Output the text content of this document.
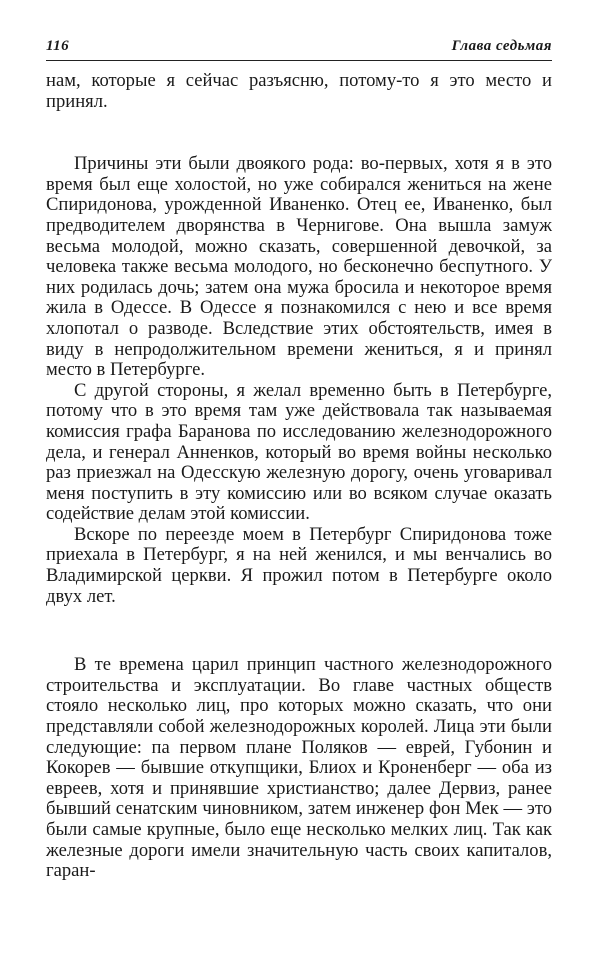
116	Глава седьмая

нам, которые я сейчас разъясню, потому-то я это место и принял.

Причины эти были двоякого рода: во-первых, хотя я в это время был еще холостой, но уже собирался жениться на жене Спиридонова, урожденной Иваненко. Отец ее, Иваненко, был предводителем дворянства в Чернигове. Она вышла замуж весьма молодой, можно сказать, совершенной девочкой, за человека также весьма молодого, но бесконечно беспутного. У них родилась дочь; затем она мужа бросила и некоторое время жила в Одессе. В Одессе я познакомился с нею и все время хлопотал о разводе. Вследствие этих обстоятельств, имея в виду в непродолжительном времени жениться, я и принял место в Петербурге.

С другой стороны, я желал временно быть в Петербурге, потому что в это время там уже действовала так называемая комиссия графа Баранова по исследованию железнодорожного дела, и генерал Анненков, который во время войны несколько раз приезжал на Одесскую железную дорогу, очень уговаривал меня поступить в эту комиссию или во всяком случае оказать содействие делам этой комиссии.

Вскоре по переезде моем в Петербург Спиридонова тоже приехала в Петербург, я на ней женился, и мы венчались во Владимирской церкви. Я прожил потом в Петербурге около двух лет.

В те времена царил принцип частного железнодорожного строительства и эксплуатации. Во главе частных обществ стояло несколько лиц, про которых можно сказать, что они представляли собой железнодорожных королей. Лица эти были следующие: па первом плане Поляков — еврей, Губонин и Кокорев — бывшие откупщики, Блиох и Кроненберг — оба из евреев, хотя и принявшие христианство; далее Дервиз, ранее бывший сенатским чиновником, затем инженер фон Мек — это были самые крупные, было еще несколько мелких лиц. Так как железные дороги имели значительную часть своих капиталов, гаран-
